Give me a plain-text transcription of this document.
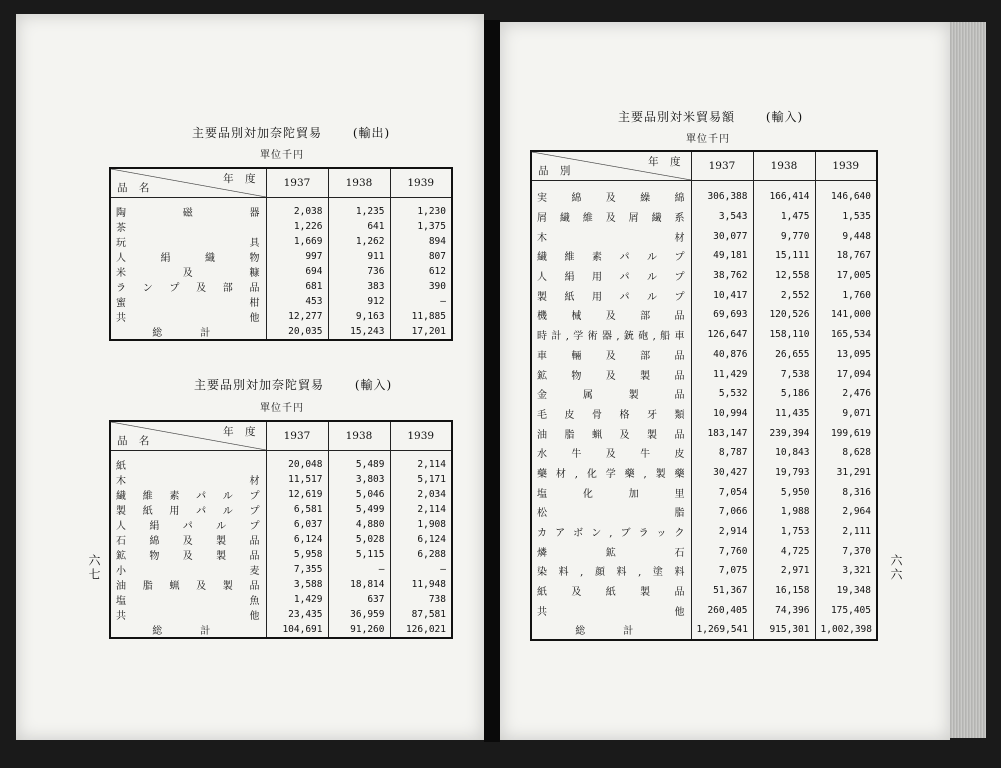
主要品別対加奈陀貿易	(輸出)
單位千円
年 度
品 名	1937	1938	1939

陶　　磁　　器	2,038	1,235	1,230
茶	1,226	641	1,375
玩　　　　具	1,669	1,262	894
人　絹　織　物	997	911	807
米　及　糠	694	736	612
ランプ及部品	681	383	390
蜜　　　柑	453	912	—
共　　　他	12,277	9,163	11,885
総　計	20,035	15,243	17,201
主要品別対加奈陀貿易	(輸入)
單位千円
年 度
品 名	1937	1938	1939

紙	20,048	5,489	2,114
木　　　材	11,517	3,803	5,171
繊維素パルプ	12,619	5,046	2,034
製紙用パルプ	6,581	5,499	2,114
人絹パルプ	6,037	4,880	1,908
石綿及製品	6,124	5,028	6,124
鉱物及製品	5,958	5,115	6,288
小　　　麦	7,355	—	—
油脂蝋及製品	3,588	18,814	11,948
塩　　　魚	1,429	637	738
共　　　他	23,435	36,959	87,581
総　計	104,691	91,260	126,021
六七
主要品別対米貿易額	(輸入)
單位千円
年 度
品 別	1937	1938	1939

実綿及繰綿	306,388	166,414	146,640
屑繊維及屑繊系	3,543	1,475	1,535
木　　　材	30,077	9,770	9,448
繊維素パルプ	49,181	15,111	18,767
人絹用パルプ	38,762	12,558	17,005
製紙用パルプ	10,417	2,552	1,760
機械及部品	69,693	120,526	141,000
時計,学術器,銃砲,船車	126,647	158,110	165,534
車輛及部品	40,876	26,655	13,095
鉱物及製品	11,429	7,538	17,094
金属製品	5,532	5,186	2,476
毛皮骨格牙類	10,994	11,435	9,071
油脂蝋及製品	183,147	239,394	199,619
水牛及牛皮	8,787	10,843	8,628
藥材,化学藥,製藥	30,427	19,793	31,291
塩化加里	7,054	5,950	8,316
松　　　脂	7,066	1,988	2,964
カアボン,ブラック	2,914	1,753	2,111
燐　鉱　石	7,760	4,725	7,370
染料,顔料,塗料	7,075	2,971	3,321
紙及紙製品	51,367	16,158	19,348
共　　　他	260,405	74,396	175,405
総　計	1,269,541	915,301	1,002,398
六六
